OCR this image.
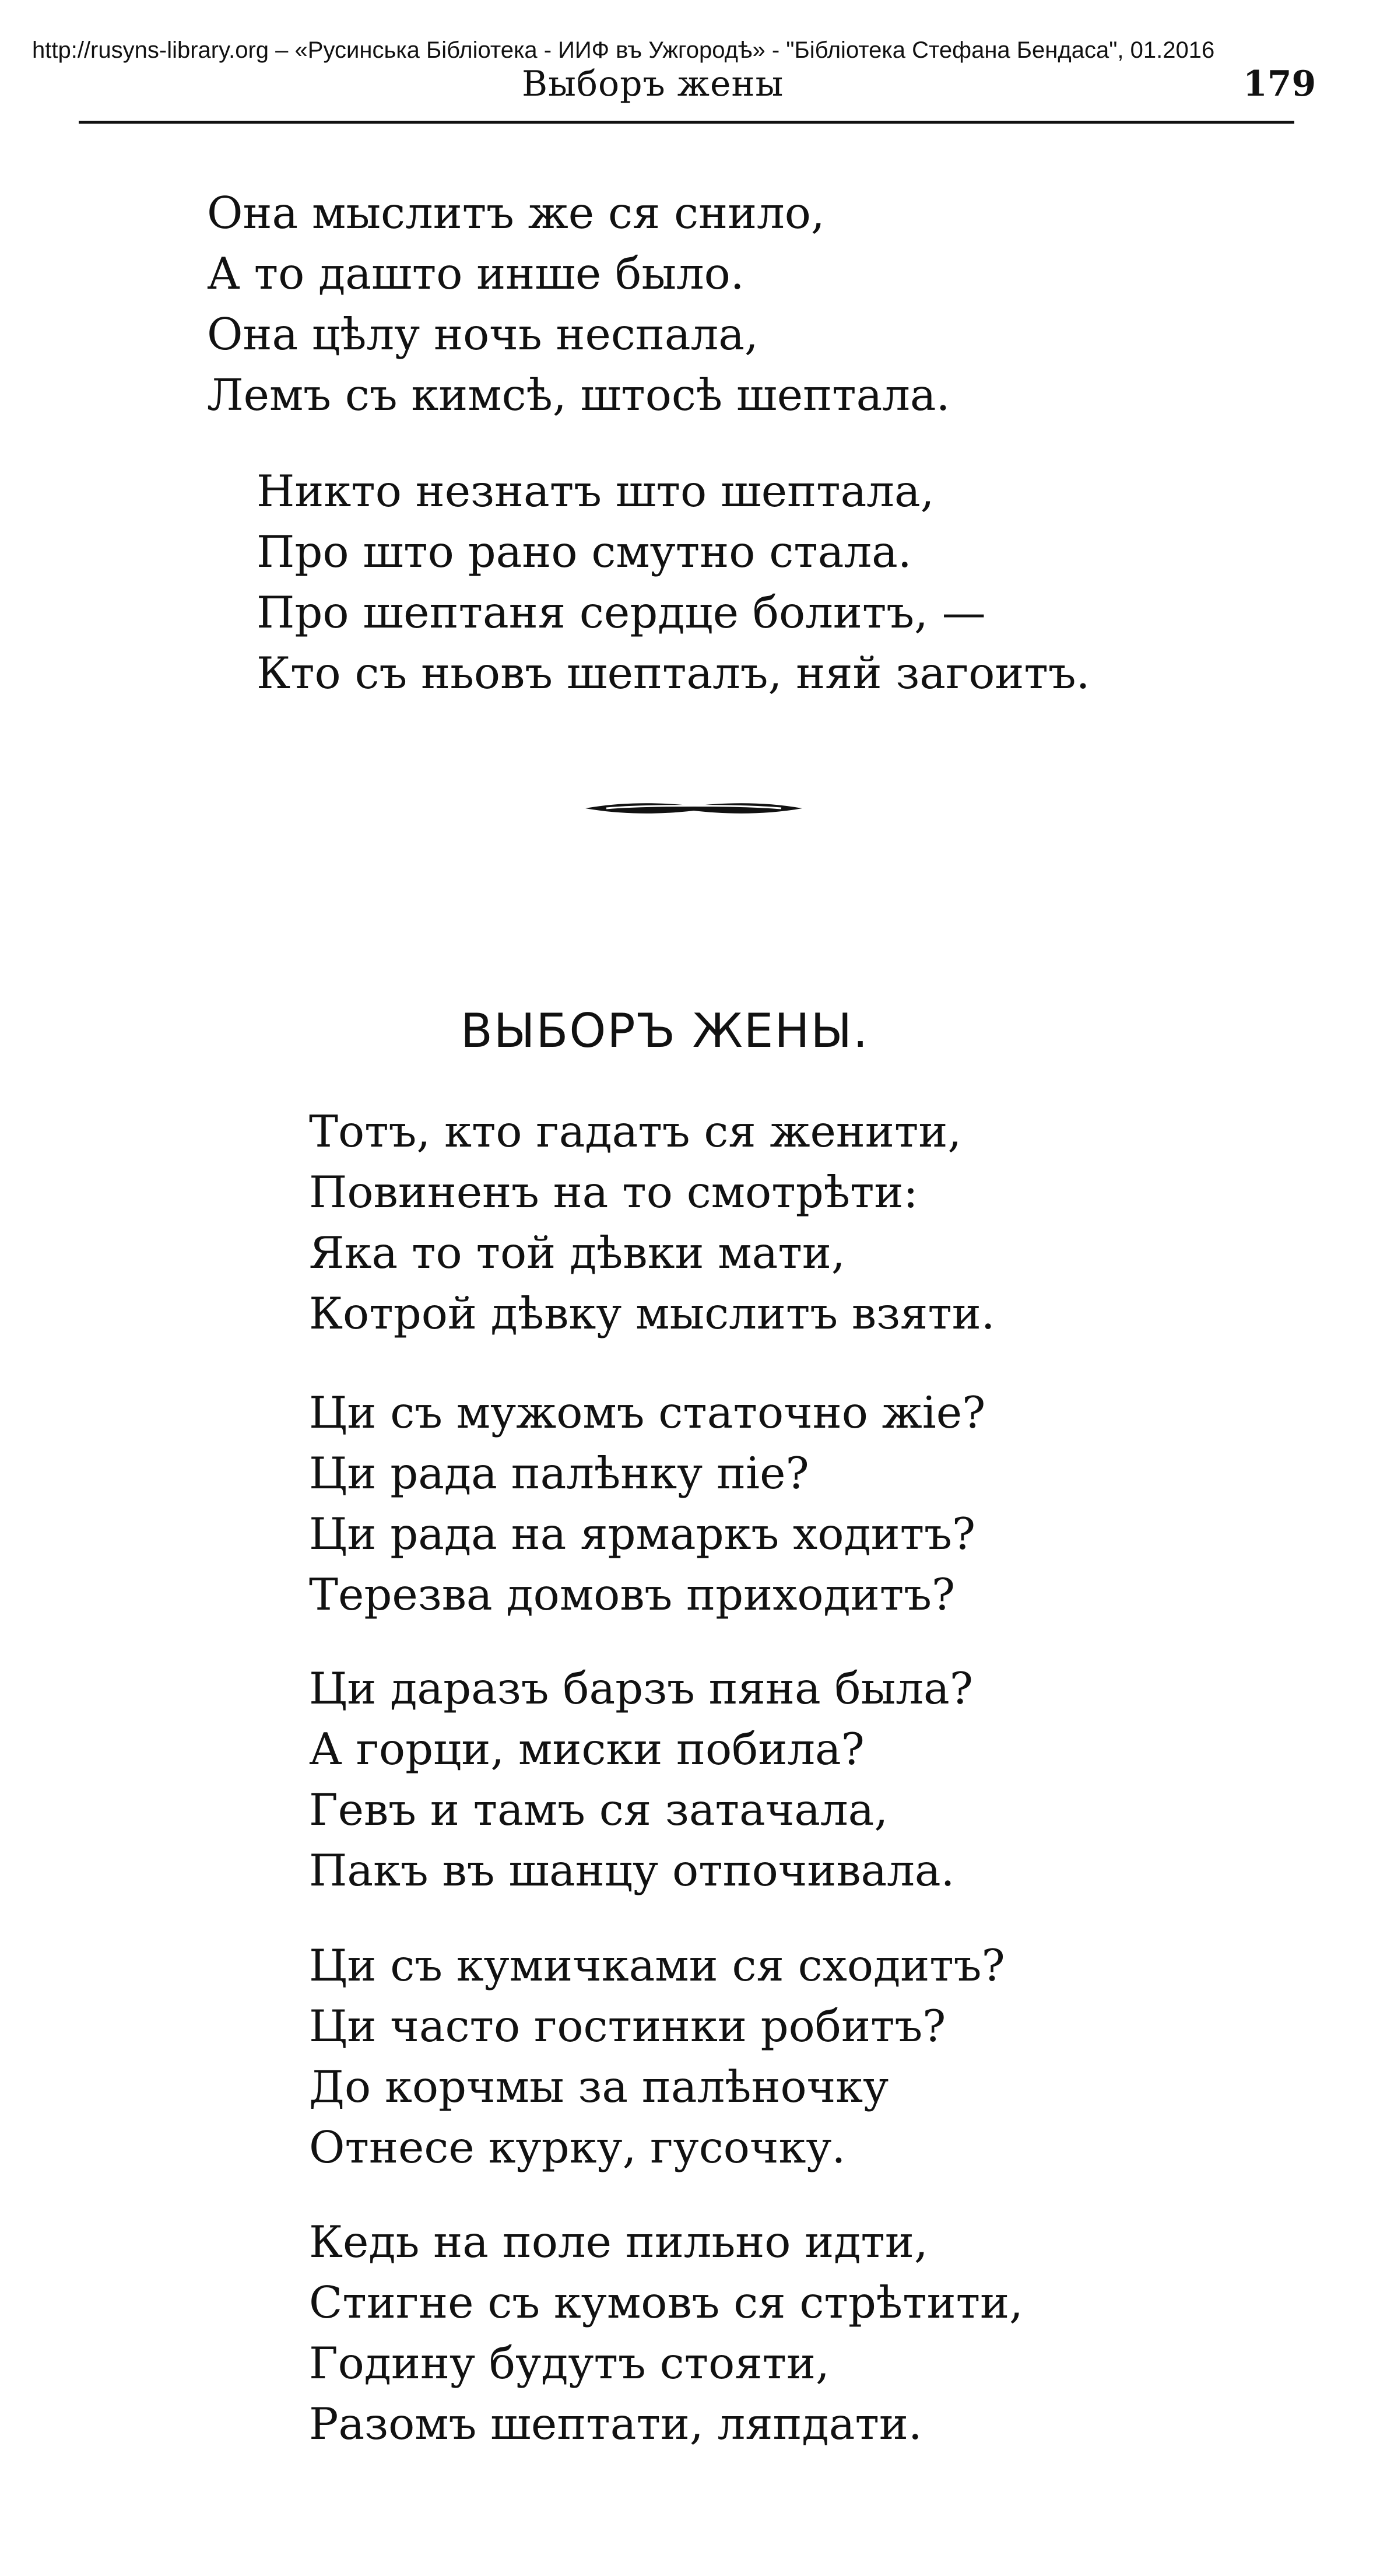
http://rusyns-library.org – «Русинська Бібліотека - ИИФ въ Ужгородѣ» - "Бібліотека Стефана Бендаса", 01.2016
Выборъ жены	179
Она мыслитъ же ся снило,
А то дашто инше было.
Она цѣлу ночь неспала,
Лемъ съ кимсѣ, штосѣ шептала.
Никто незнатъ што шептала,
Про што рано смутно стала.
Про шептаня сердце болитъ, —
Кто съ ньовъ шепталъ, няй загоитъ.
ВЫБОРЪ ЖЕНЫ.
Тотъ, кто гадатъ ся женити,
Повиненъ на то смотрѣти:
Яка то той дѣвки мати,
Котрой дѣвку мыслитъ взяти.
Ци съ мужомъ статочно жіе?
Ци рада палѣнку піе?
Ци рада на ярмаркъ ходитъ?
Терезва домовъ приходитъ?
Ци даразъ барзъ пяна была?
А горци, миски побила?
Гевъ и тамъ ся затачала,
Пакъ въ шанцу отпочивала.
Ци съ кумичками ся сходитъ?
Ци часто гостинки робитъ?
До корчмы за палѣночку
Отнесе курку, гусочку.
Кедь на поле пильно идти,
Стигне съ кумовъ ся стрѣтити,
Годину будутъ стояти,
Разомъ шептати, ляпдати.
